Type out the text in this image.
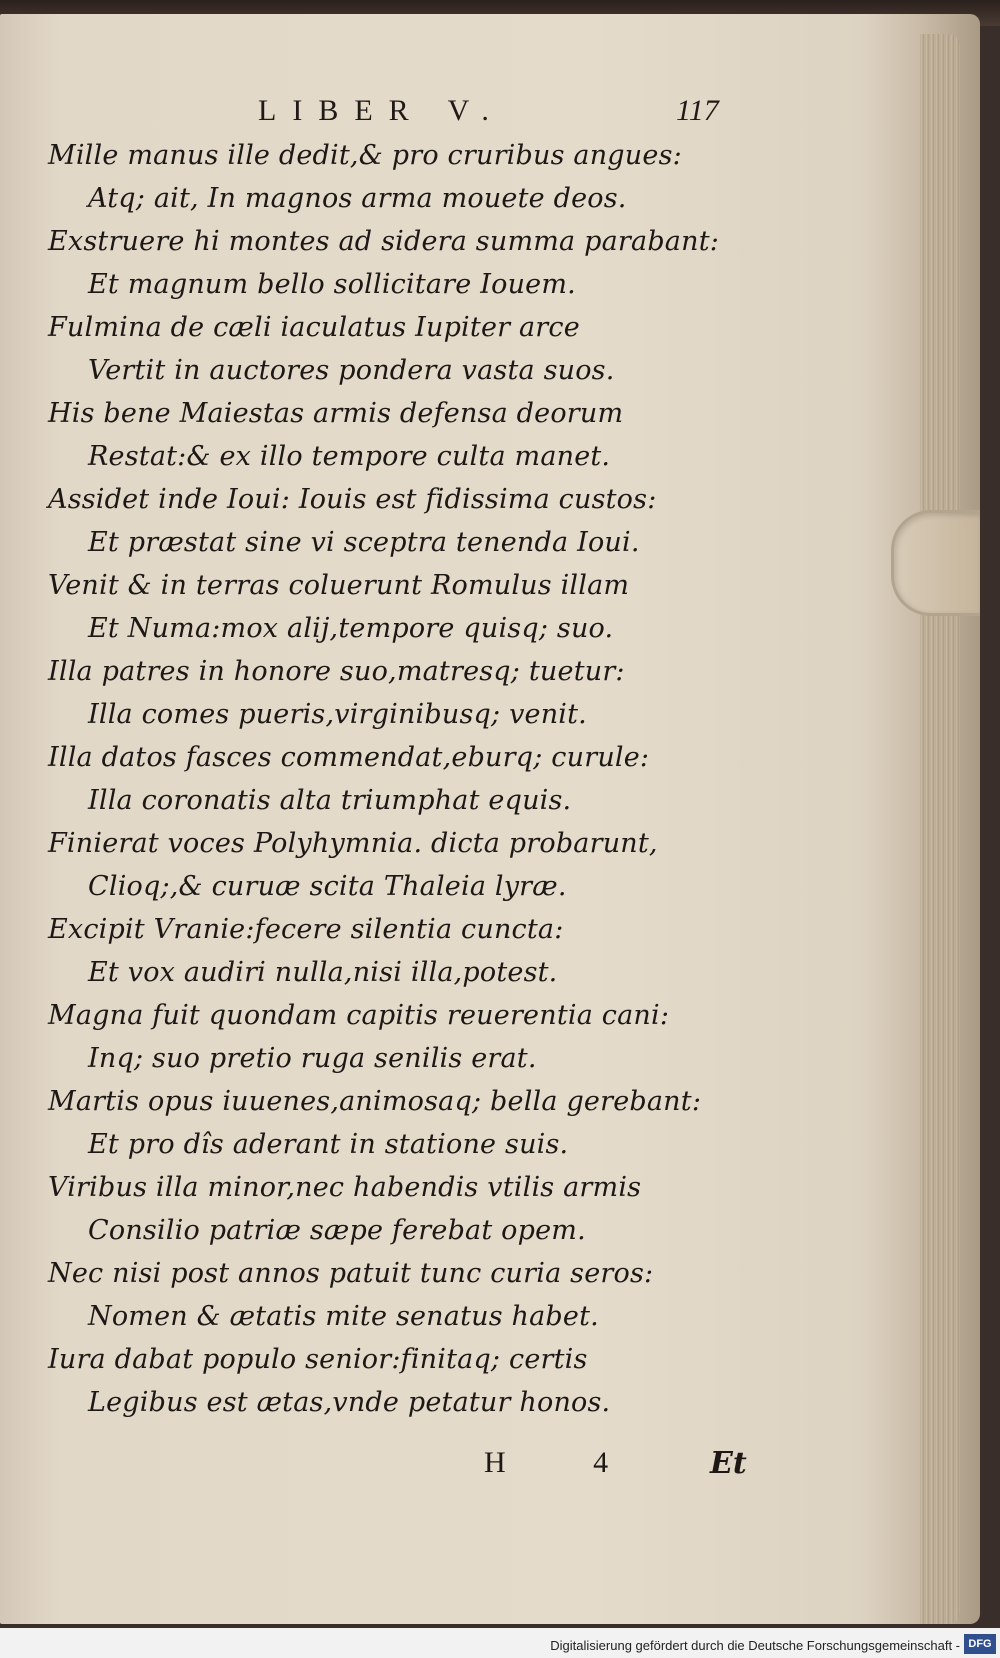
LIBER V.	117
Mille manus ille dedit,& pro cruribus angues:
Atq; ait, In magnos arma mouete deos.
Exstruere hi montes ad sidera summa parabant:
Et magnum bello sollicitare Iouem.
Fulmina de cæli iaculatus Iupiter arce
Vertit in auctores pondera vasta suos.
His bene Maiestas armis defensa deorum
Restat:& ex illo tempore culta manet.
Assidet inde Ioui: Iouis est fidissima custos:
Et præstat sine vi sceptra tenenda Ioui.
Venit & in terras coluerunt Romulus illam
Et Numa:mox alij,tempore quisq; suo.
Illa patres in honore suo,matresq; tuetur:
Illa comes pueris,virginibusq; venit.
Illa datos fasces commendat,eburq; curule:
Illa coronatis alta triumphat equis.
Finierat voces Polyhymnia. dicta probarunt,
Clioq;,& curuæ scita Thaleia lyræ.
Excipit Vranie:fecere silentia cuncta:
Et vox audiri nulla,nisi illa,potest.
Magna fuit quondam capitis reuerentia cani:
Inq; suo pretio ruga senilis erat.
Martis opus iuuenes,animosaq; bella gerebant:
Et pro dîs aderant in statione suis.
Viribus illa minor,nec habendis vtilis armis
Consilio patriæ sæpe ferebat opem.
Nec nisi post annos patuit tunc curia seros:
Nomen & ætatis mite senatus habet.
Iura dabat populo senior:finitaq; certis
Legibus est ætas,vnde petatur honos.
H 4 Et
Digitalisierung gefördert durch die Deutsche Forschungsgemeinschaft - DFG
